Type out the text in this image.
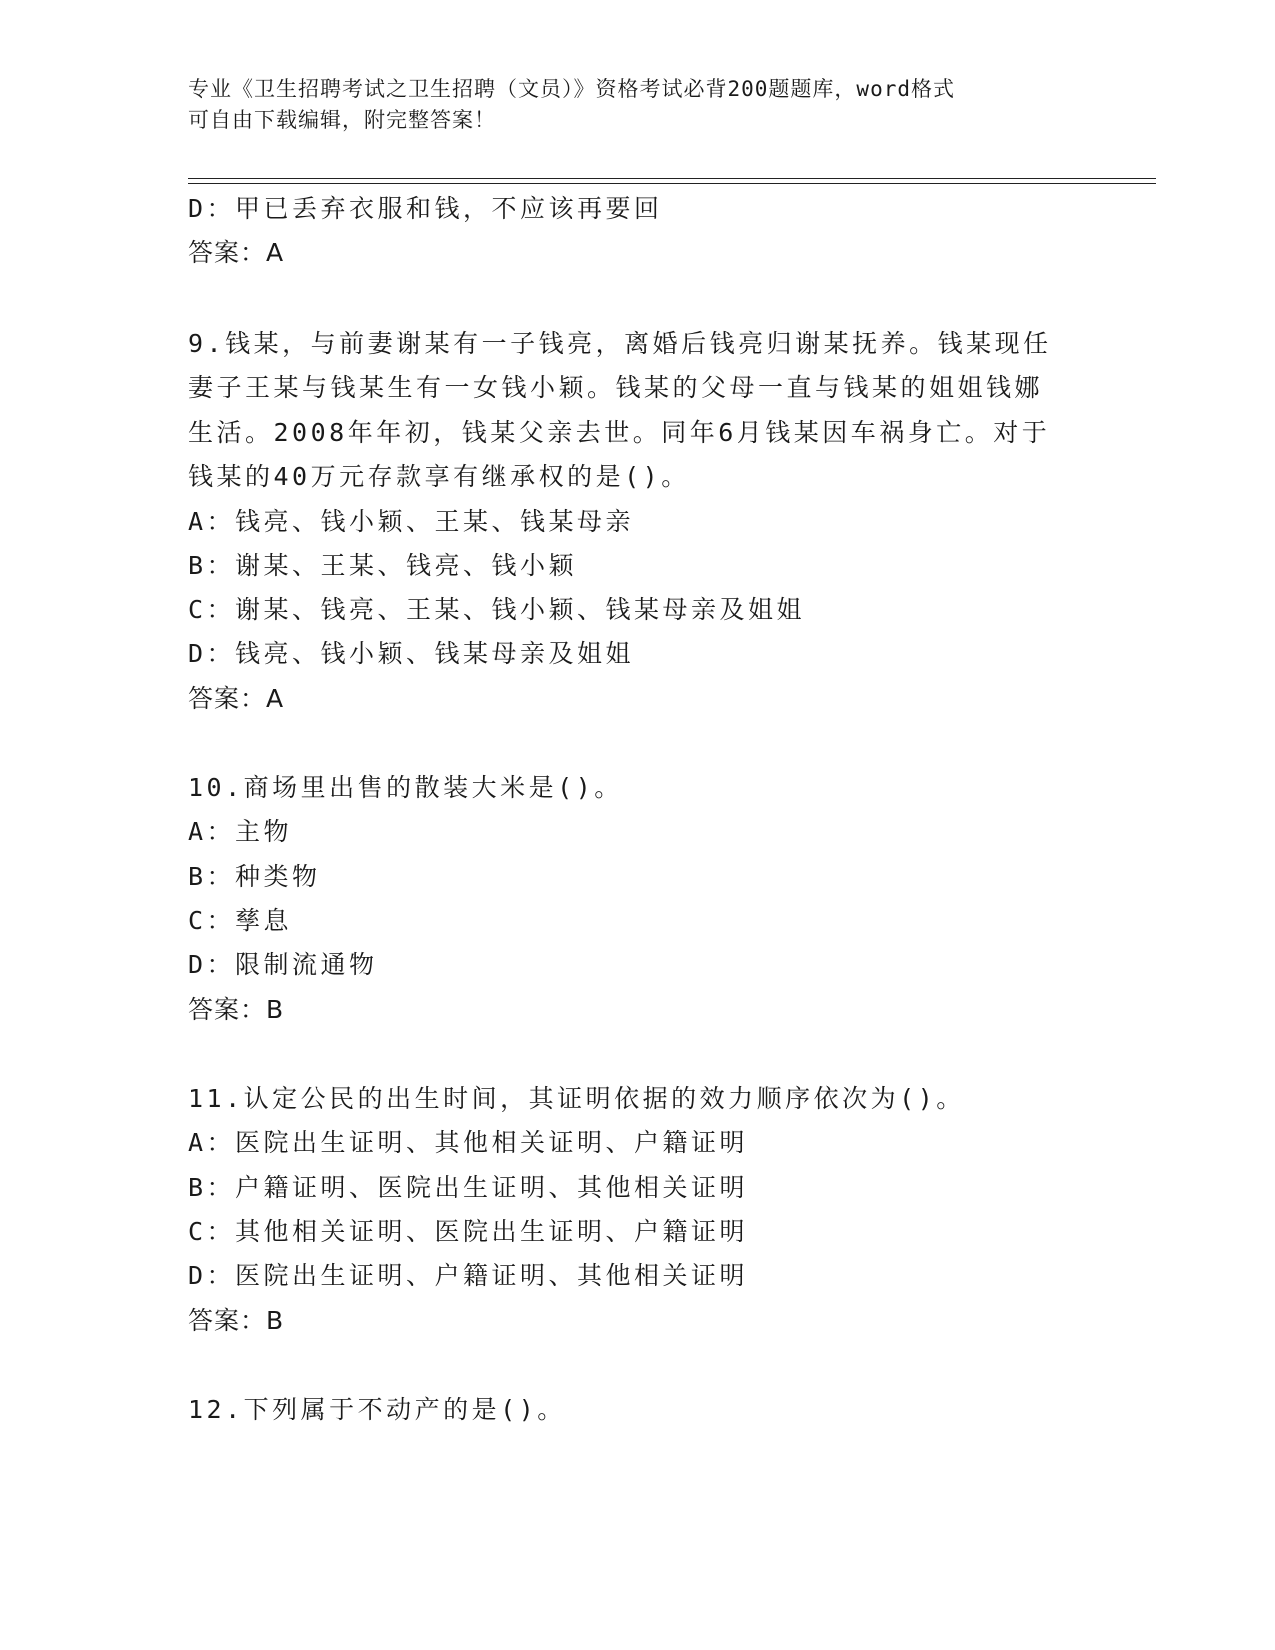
专业《卫生招聘考试之卫生招聘（文员）》资格考试必背200题题库，word格式
可自由下载编辑，附完整答案！
D：甲已丢弃衣服和钱，不应该再要回
答案：A
9.钱某，与前妻谢某有一子钱亮，离婚后钱亮归谢某抚养。钱某现任
妻子王某与钱某生有一女钱小颖。钱某的父母一直与钱某的姐姐钱娜
生活。2008年年初，钱某父亲去世。同年6月钱某因车祸身亡。对于
钱某的40万元存款享有继承权的是()。
A：钱亮、钱小颖、王某、钱某母亲
B：谢某、王某、钱亮、钱小颖
C：谢某、钱亮、王某、钱小颖、钱某母亲及姐姐
D：钱亮、钱小颖、钱某母亲及姐姐
答案：A
10.商场里出售的散装大米是()。
A：主物
B：种类物
C：孳息
D：限制流通物
答案：B
11.认定公民的出生时间，其证明依据的效力顺序依次为()。
A：医院出生证明、其他相关证明、户籍证明
B：户籍证明、医院出生证明、其他相关证明
C：其他相关证明、医院出生证明、户籍证明
D：医院出生证明、户籍证明、其他相关证明
答案：B
12.下列属于不动产的是()。
